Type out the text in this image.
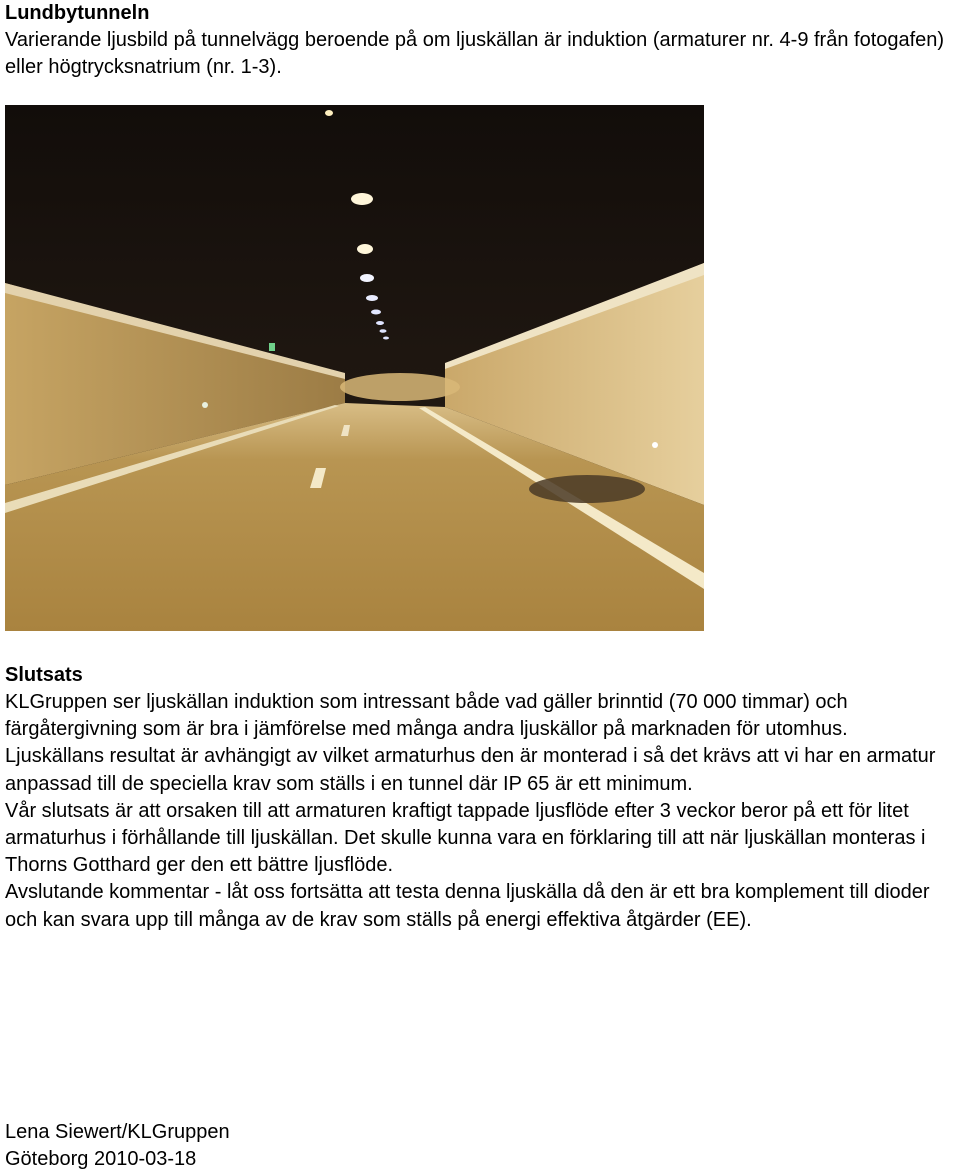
Lundbytunneln

Varierande ljusbild på tunnelvägg beroende på om ljuskällan är induktion (armaturer nr. 4-9 från fotogafen) eller högtrycksnatrium (nr. 1-3).

Slutsats

KLGruppen ser ljuskällan induktion som intressant både vad gäller brinntid (70 000 timmar) och färgåtergivning som är bra i jämförelse med många andra ljuskällor på marknaden för utomhus.

Ljuskällans resultat är avhängigt av vilket armaturhus den är monterad i så det krävs att vi har en armatur anpassad till de speciella krav som ställs i en tunnel där IP 65 är ett minimum.

Vår slutsats är att orsaken till att armaturen kraftigt tappade ljusflöde efter 3 veckor beror på ett för litet armaturhus i förhållande till ljuskällan. Det skulle kunna vara en förklaring till att när ljuskällan monteras i Thorns Gotthard ger den ett bättre ljusflöde.

Avslutande kommentar - låt oss fortsätta att testa denna ljuskälla då den är ett bra komplement till dioder och kan svara upp till många av de krav som ställs på energi effektiva åtgärder (EE).

Lena Siewert/KLGruppen

Göteborg 2010-03-18
